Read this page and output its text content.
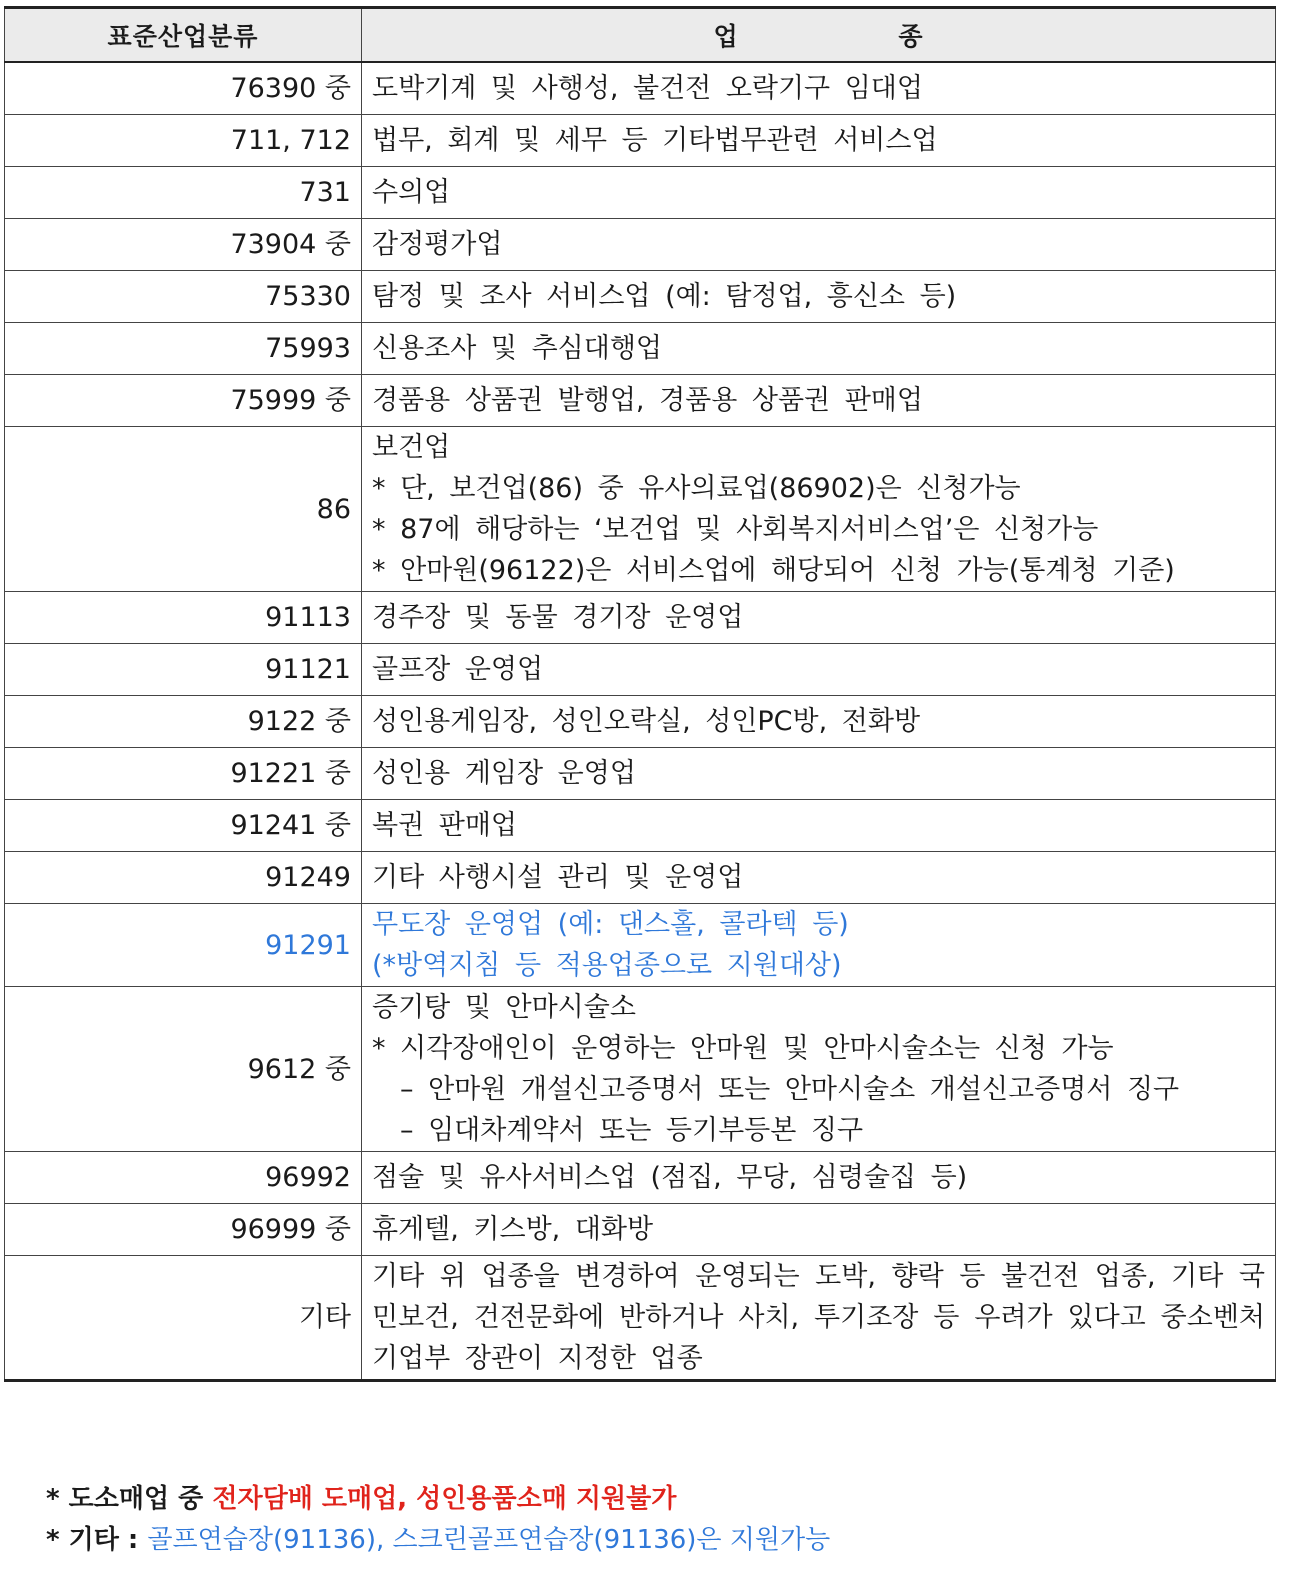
표준산업분류	업 종
76390 중	도박기계 및 사행성, 불건전 오락기구 임대업
711, 712	법무, 회계 및 세무 등 기타법무관련 서비스업
731	수의업
73904 중	감정평가업
75330	탐정 및 조사 서비스업 (예: 탐정업, 흥신소 등)
75993	신용조사 및 추심대행업
75999 중	경품용 상품권 발행업, 경품용 상품권 판매업
86	보건업
* 단, 보건업(86) 중 유사의료업(86902)은 신청가능
* 87에 해당하는 ‘보건업 및 사회복지서비스업’은 신청가능
* 안마원(96122)은 서비스업에 해당되어 신청 가능(통계청 기준)

91113	경주장 및 동물 경기장 운영업
91121	골프장 운영업
9122 중	성인용게임장, 성인오락실, 성인PC방, 전화방
91221 중	성인용 게임장 운영업
91241 중	복권 판매업
91249	기타 사행시설 관리 및 운영업
91291	무도장 운영업 (예: 댄스홀, 콜라텍 등)
(*방역지침 등 적용업종으로 지원대상)

9612 중	증기탕 및 안마시술소
* 시각장애인이 운영하는 안마원 및 안마시술소는 신청 가능
– 안마원 개설신고증명서 또는 안마시술소 개설신고증명서 징구
– 임대차계약서 또는 등기부등본 징구

96992	점술 및 유사서비스업 (점집, 무당, 심령술집 등)
96999 중	휴게텔, 키스방, 대화방
기타	기타 위 업종을 변경하여 운영되는 도박, 향락 등 불건전 업종, 기타 국민보건, 건전문화에 반하거나 사치, 투기조장 등 우려가 있다고 중소벤처기업부 장관이 지정한 업종
* 도소매업 중 전자담배 도매업, 성인용품소매 지원불가
* 기타 : 골프연습장(91136), 스크린골프연습장(91136)은 지원가능
